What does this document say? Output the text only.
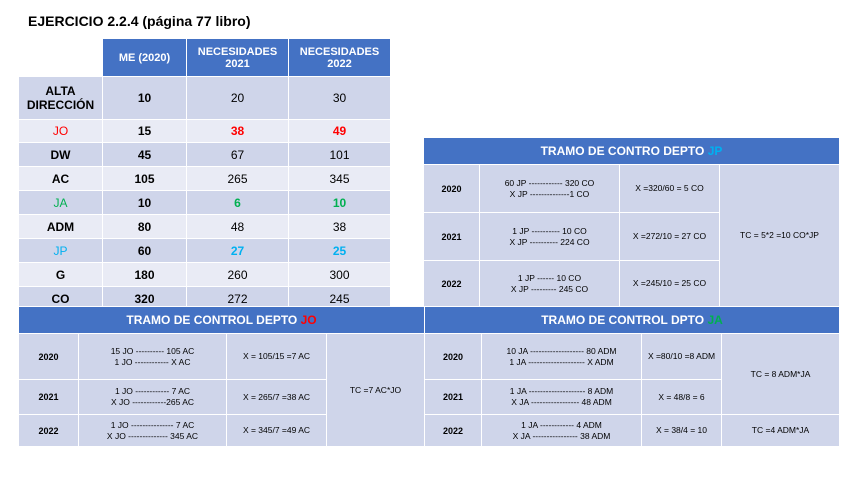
EJERCICIO 2.2.4 (página 77 libro)
	ME (2020)	NECESIDADES 2021	NECESIDADES 2022
ALTA DIRECCIÓN	10	20	30
JO	15	38	49
DW	45	67	101
AC	105	265	345
JA	10	6	10
ADM	80	48	38
JP	60	27	25
G	180	260	300
CO	320	272	245
TRAMO DE CONTRO DEPTO JP			
2020	60 JP ------------ 320 CO
X JP --------------1 CO	X =320/60 = 5 CO	TC = 5*2 =10 CO*JP
2021	1 JP ---------- 10 CO
X JP ---------- 224 CO	X =272/10 = 27 CO	
2022	1 JP ------ 10 CO
X JP --------- 245 CO	X =245/10 = 25 CO	
TRAMO DE CONTROL DEPTO JO			
2020	15 JO ---------- 105 AC
1 JO ------------ X AC	X = 105/15 =7 AC	TC =7 AC*JO
2021	1 JO ------------ 7 AC
X JO ------------265 AC	X = 265/7 =38 AC	
2022	1 JO --------------- 7 AC
X JO -------------- 345 AC	X = 345/7 =49 AC	
TRAMO DE CONTROL DPTO JA			
2020	10 JA ------------------- 80 ADM
1 JA -------------------- X ADM	X =80/10 =8 ADM	TC = 8 ADM*JA
2021	1 JA -------------------- 8 ADM
X JA ----------------- 48 ADM	X = 48/8 = 6	
2022	1 JA ------------ 4 ADM
X JA ---------------- 38 ADM	X = 38/4 = 10	TC =4 ADM*JA
